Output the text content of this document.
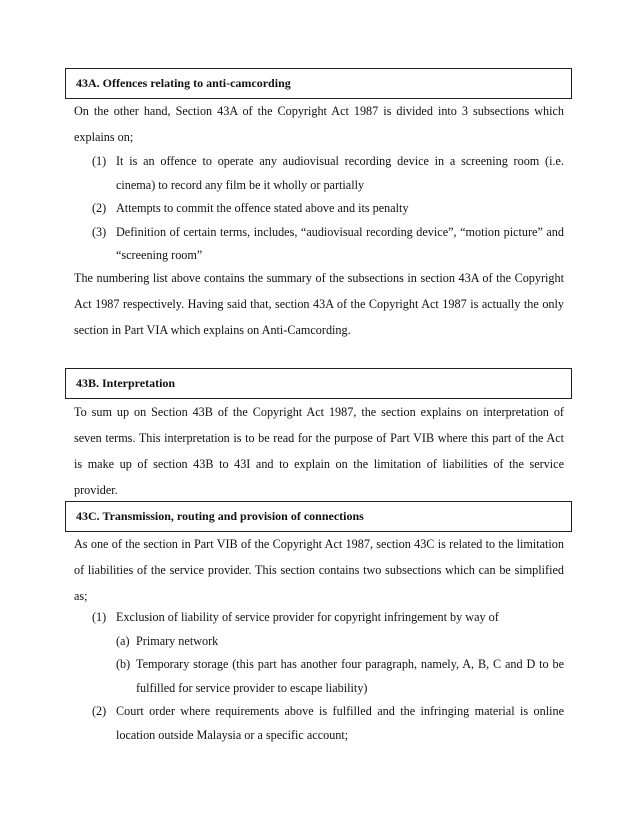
43A. Offences relating to anti-camcording

On the other hand, Section 43A of the Copyright Act 1987 is divided into 3 subsections which explains on;

(1) It is an offence to operate any audiovisual recording device in a screening room (i.e. cinema) to record any film be it wholly or partially
(2) Attempts to commit the offence stated above and its penalty
(3) Definition of certain terms, includes, “audiovisual recording device”, “motion picture” and “screening room”

The numbering list above contains the summary of the subsections in section 43A of the Copyright Act 1987 respectively. Having said that, section 43A of the Copyright Act 1987 is actually the only section in Part VIA which explains on Anti-Camcording.

43B. Interpretation

To sum up on Section 43B of the Copyright Act 1987, the section explains on interpretation of seven terms. This interpretation is to be read for the purpose of Part VIB where this part of the Act is make up of section 43B to 43I and to explain on the limitation of liabilities of the service provider.

43C. Transmission, routing and provision of connections

As one of the section in Part VIB of the Copyright Act 1987, section 43C is related to the limitation of liabilities of the service provider. This section contains two subsections which can be simplified as;

(1) Exclusion of liability of service provider for copyright infringement by way of
(a) Primary network
(b) Temporary storage (this part has another four paragraph, namely, A, B, C and D to be fulfilled for service provider to escape liability)
(2) Court order where requirements above is fulfilled and the infringing material is online location outside Malaysia or a specific account;
